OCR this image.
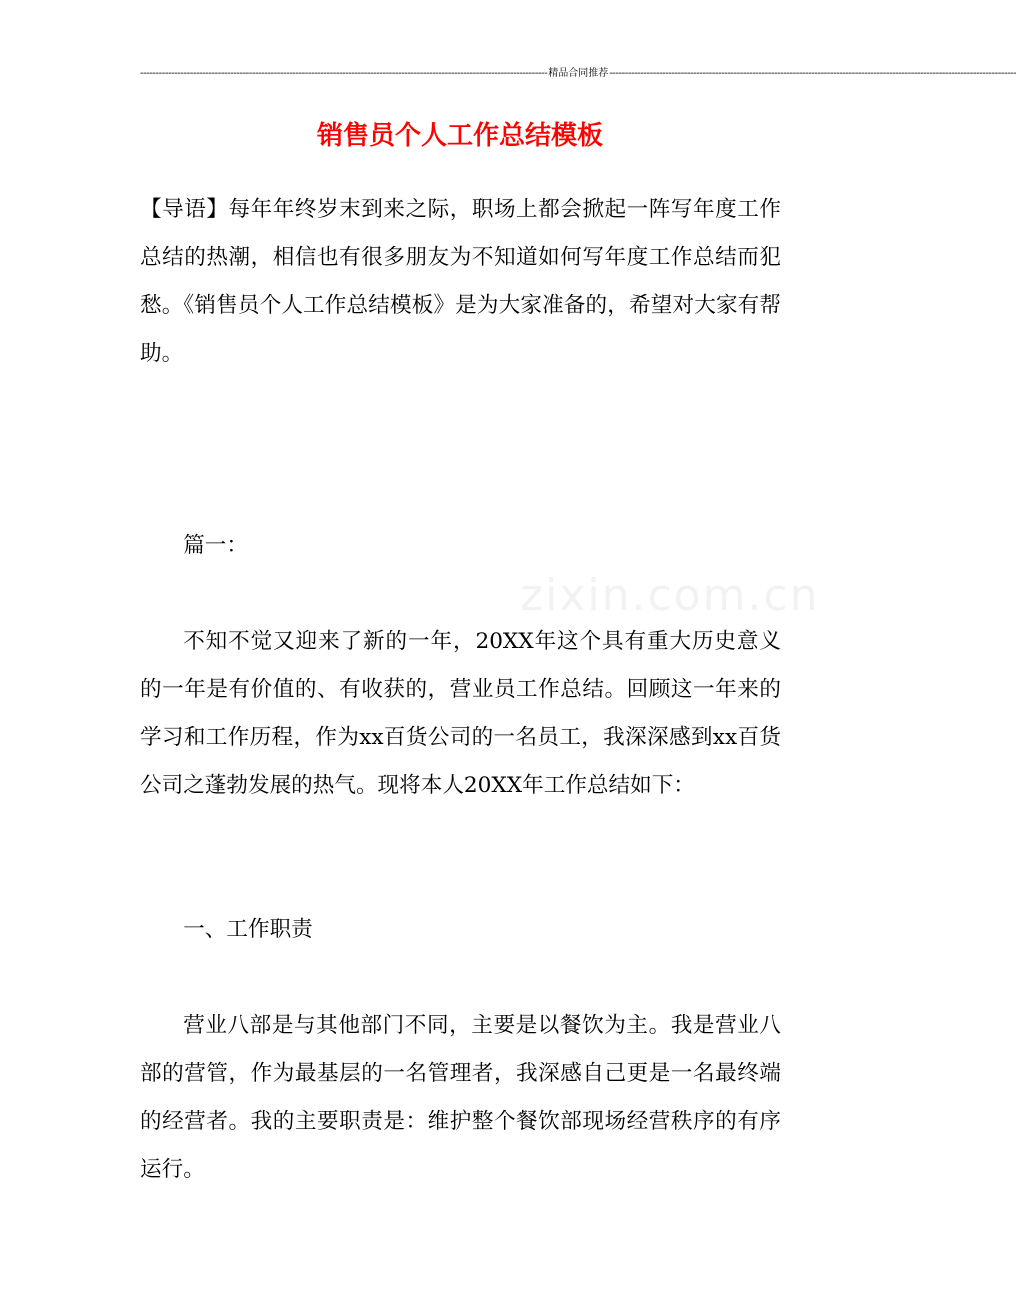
----------------------------------------------------------------------------------------------------------------------------------- 精品合同推荐 -----------------------------------------------------------------------------------------------------------------------------------
销售员个人工作总结模板
zixin.com.cn

【导语】每年年终岁末到来之际，职场上都会掀起一阵写年度工作总结的热潮，相信也有很多朋友为不知道如何写年度工作总结而犯愁。《销售员个人工作总结模板》是为大家准备的，希望对大家有帮助。

篇一：

不知不觉又迎来了新的一年，20XX年这个具有重大历史意义的一年是有价值的、有收获的，营业员工作总结。回顾这一年来的学习和工作历程，作为xx百货公司的一名员工，我深深感到xx百货公司之蓬勃发展的热气。现将本人20XX年工作总结如下：

一、工作职责

营业八部是与其他部门不同，主要是以餐饮为主。我是营业八部的营管，作为最基层的一名管理者，我深感自己更是一名最终端的经营者。我的主要职责是：维护整个餐饮部现场经营秩序的有序运行。
